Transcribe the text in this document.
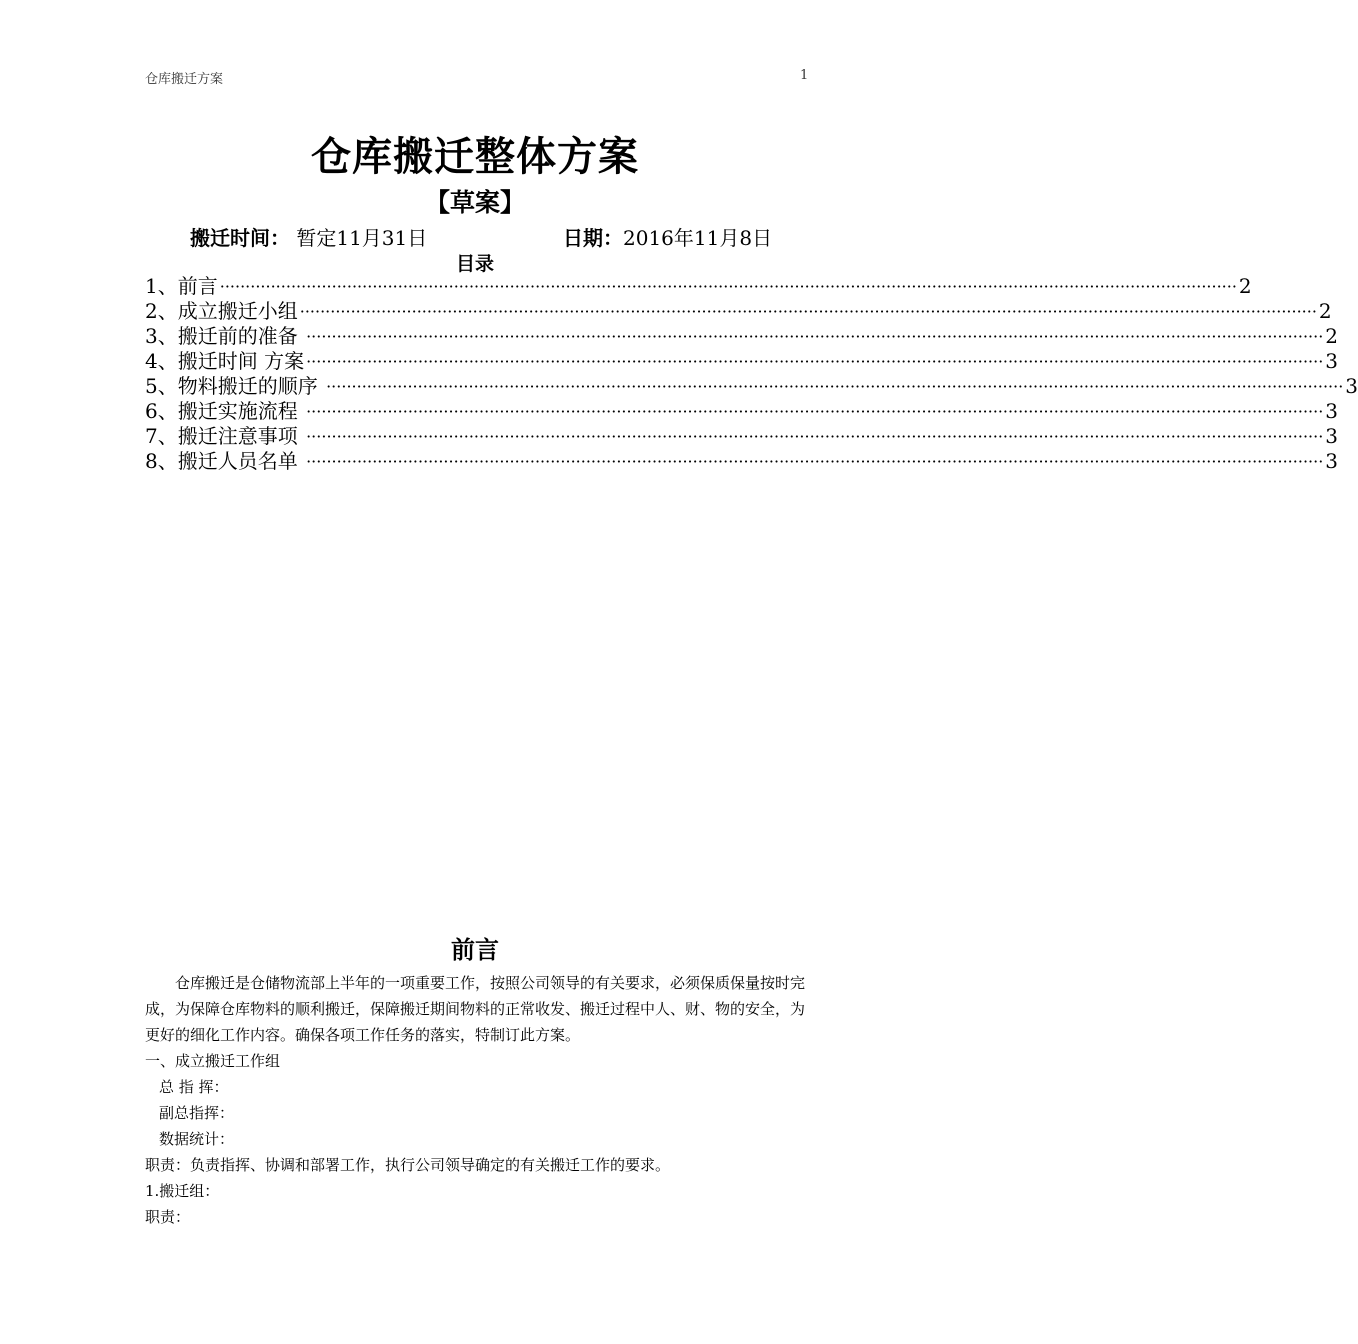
仓库搬迁方案	1
仓库搬迁整体方案
【草案】
搬迁时间： 暂定11月31日	日期：2016年11月8日
目录
1、前言 ········································································································································································································ 2
2、成立搬迁小组 ········································································································································································································ 2
3、搬迁前的准备 ········································································································································································································ 2
4、搬迁时间 方案 ········································································································································································································ 3
5、物料搬迁的顺序 ········································································································································································································ 3
6、搬迁实施流程 ········································································································································································································ 3
7、搬迁注意事项 ········································································································································································································ 3
8、搬迁人员名单 ········································································································································································································ 3
前言

仓库搬迁是仓储物流部上半年的一项重要工作，按照公司领导的有关要求，必须保质保量按时完成，为保障仓库物料的顺利搬迁，保障搬迁期间物料的正常收发、搬迁过程中人、财、物的安全，为更好的细化工作内容。确保各项工作任务的落实，特制订此方案。

一、成立搬迁工作组

总 指 挥：

副总指挥：

数据统计：

职责：负责指挥、协调和部署工作，执行公司领导确定的有关搬迁工作的要求。

1.搬迁组：

职责：
